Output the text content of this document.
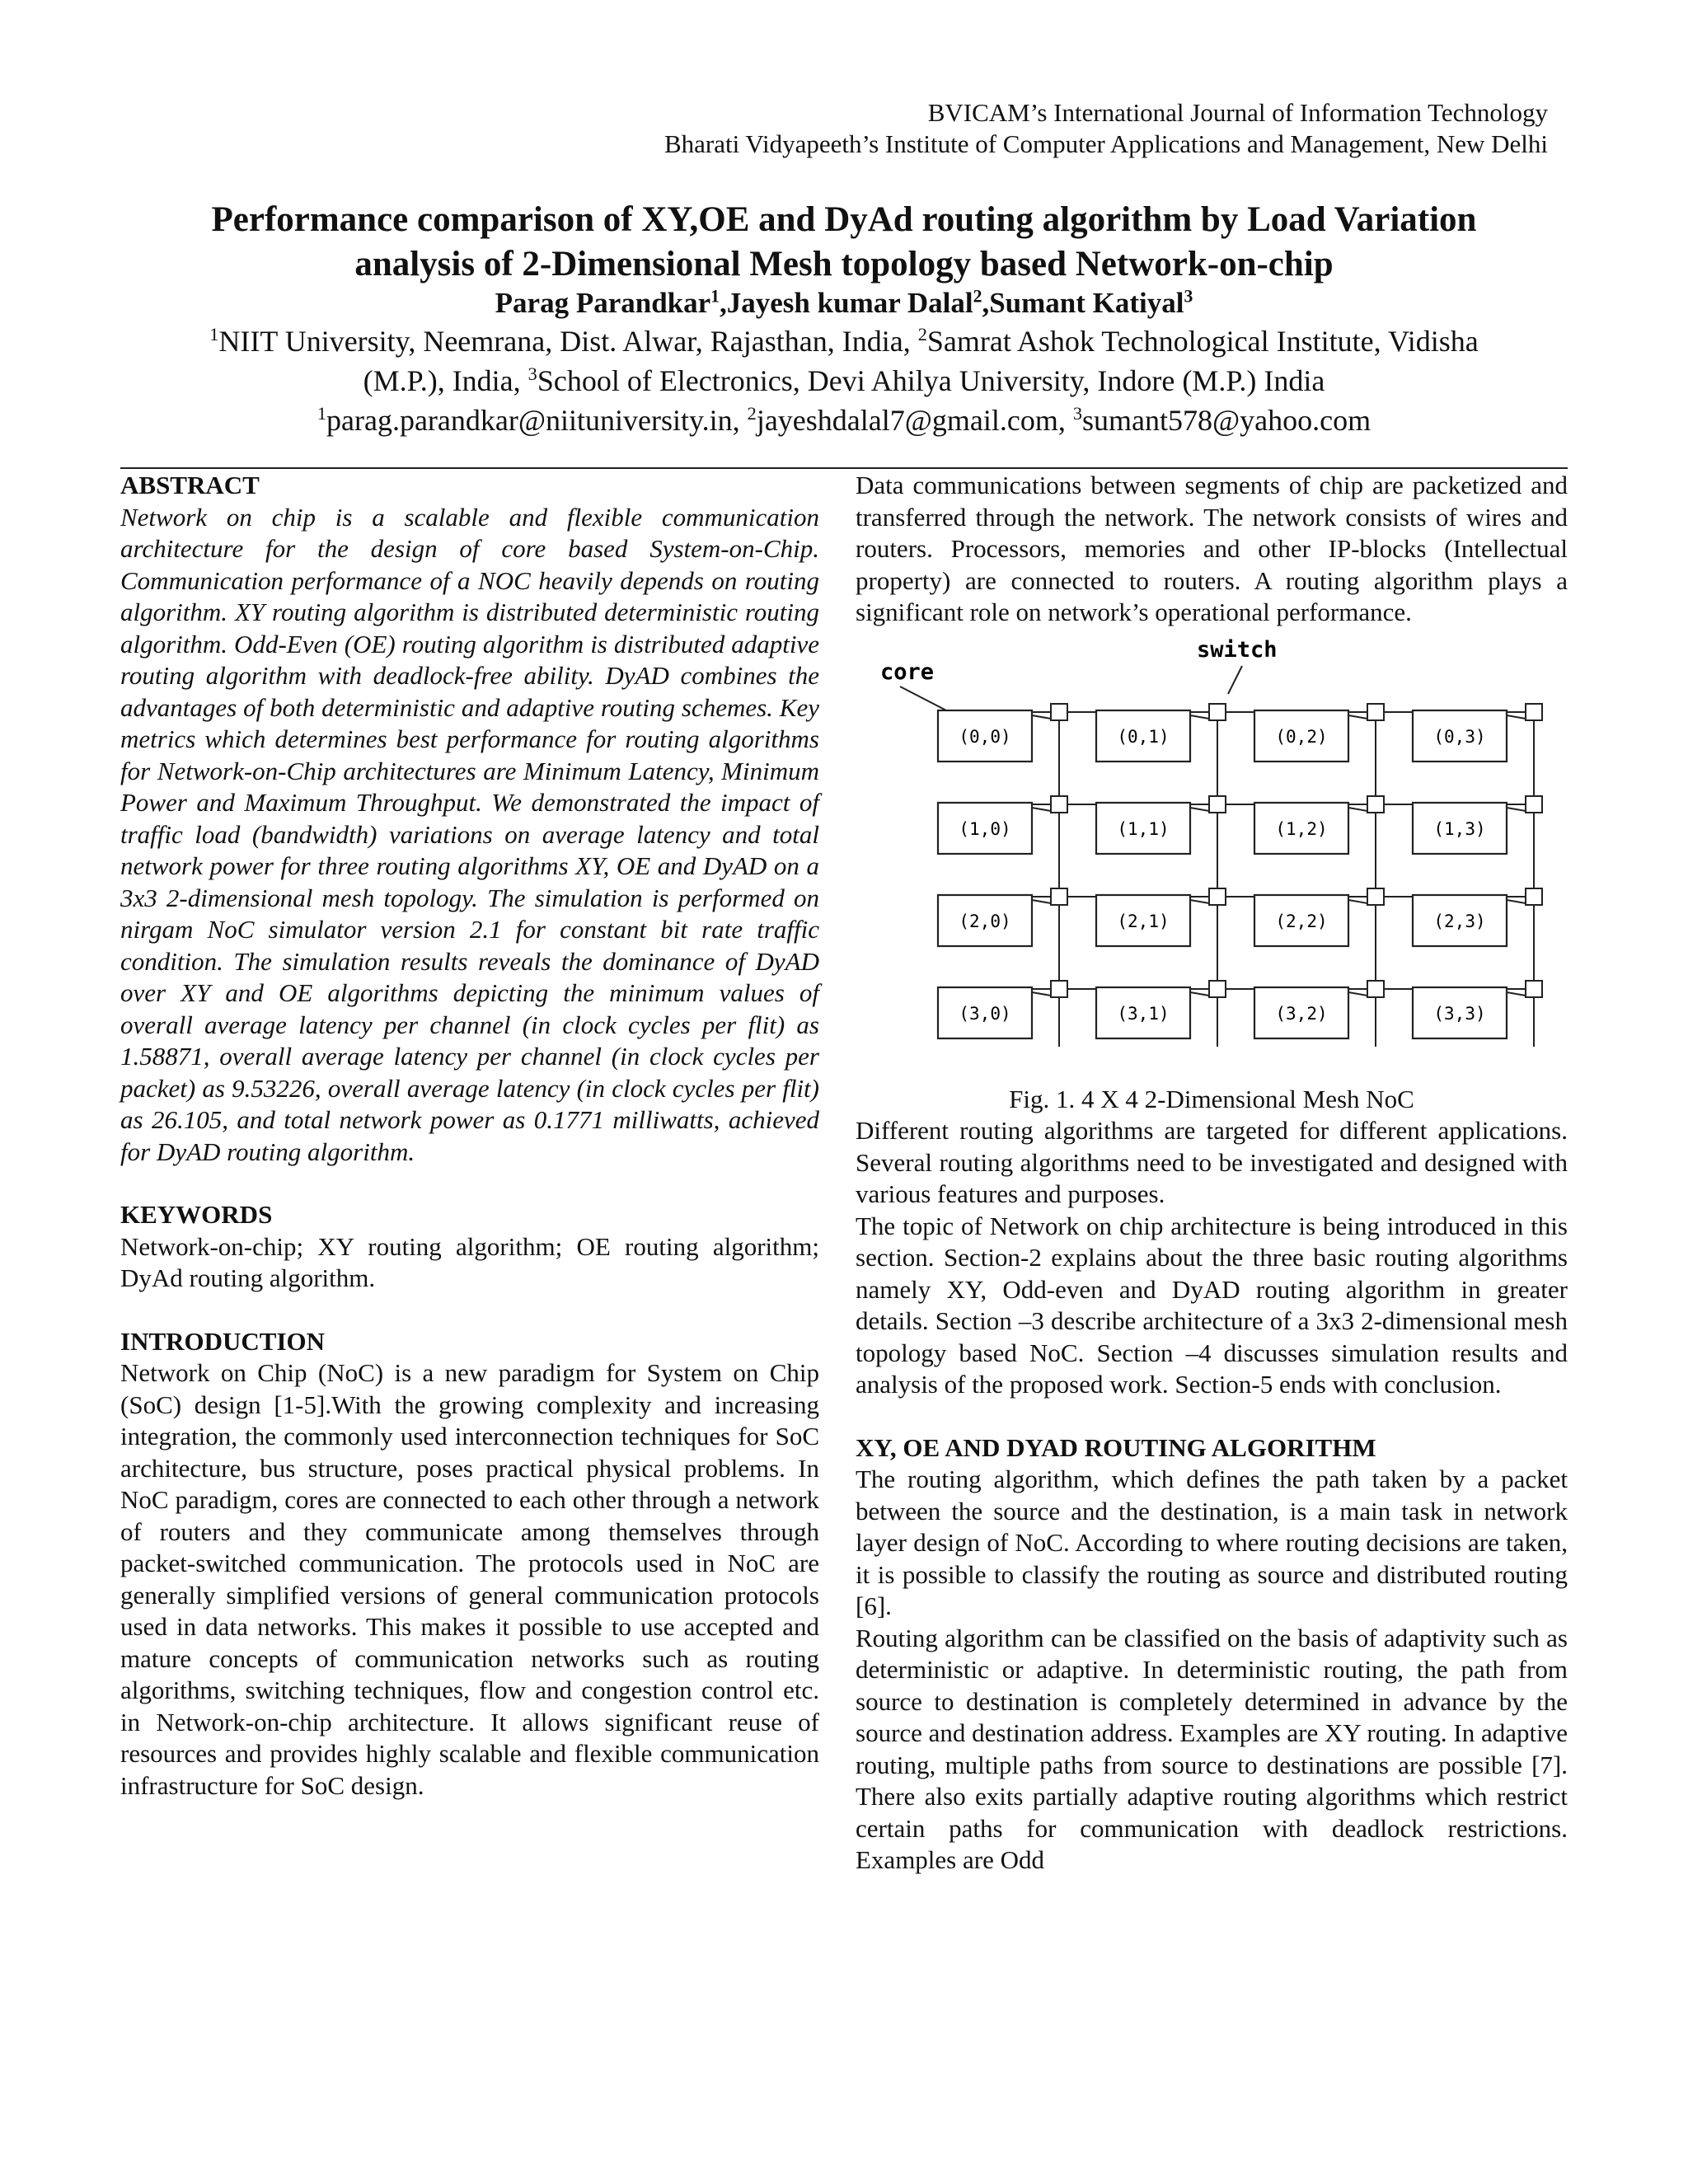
BVICAM’s International Journal of Information Technology
Bharati Vidyapeeth’s Institute of Computer Applications and Management, New Delhi
Performance comparison of XY,OE and DyAd routing algorithm by Load Variation
analysis of 2-Dimensional Mesh topology based Network-on-chip
Parag Parandkar$^1$,Jayesh kumar Dalal$^2$,Sumant Katiyal$^3$
$^1$NIIT University, Neemrana, Dist. Alwar, Rajasthan, India, $^2$Samrat Ashok Technological Institute, Vidisha
(M.P.), India, $^3$School of Electronics, Devi Ahilya University, Indore (M.P.) India
$^1$parag.parandkar@niituniversity.in, $^2$jayeshdalal7@gmail.com, $^3$sumant578@yahoo.com
ABSTRACT

Network on chip is a scalable and flexible communication architecture for the design of core based System-on-Chip. Communication performance of a NOC heavily depends on routing algorithm. XY routing algorithm is distributed deterministic routing algorithm. Odd-Even (OE) routing algorithm is distributed adaptive routing algorithm with deadlock-free ability. DyAD combines the advantages of both deterministic and adaptive routing schemes. Key metrics which determines best performance for routing algorithms for Network-on-Chip architectures are Minimum Latency, Minimum Power and Maximum Throughput. We demonstrated the impact of traffic load (bandwidth) variations on average latency and total network power for three routing algorithms XY, OE and DyAD on a 3x3 2-dimensional mesh topology. The simulation is performed on nirgam NoC simulator version 2.1 for constant bit rate traffic condition. The simulation results reveals the dominance of DyAD over XY and OE algorithms depicting the minimum values of overall average latency per channel (in clock cycles per flit) as 1.58871, overall average latency per channel (in clock cycles per packet) as 9.53226, overall average latency (in clock cycles per flit) as 26.105, and total network power as 0.1771 milliwatts, achieved for DyAD routing algorithm.

KEYWORDS

Network-on-chip; XY routing algorithm; OE routing algorithm; DyAd routing algorithm.

INTRODUCTION

Network on Chip (NoC) is a new paradigm for System on Chip (SoC) design [1-5].With the growing complexity and increasing integration, the commonly used interconnection techniques for SoC architecture, bus structure, poses practical physical problems. In NoC paradigm, cores are connected to each other through a network of routers and they communicate among themselves through packet-switched communication. The protocols used in NoC are generally simplified versions of general communication protocols used in data networks. This makes it possible to use accepted and mature concepts of communication networks such as routing algorithms, switching techniques, flow and congestion control etc. in Network-on-chip architecture. It allows significant reuse of resources and provides highly scalable and flexible communication infrastructure for SoC design.

Data communications between segments of chip are packetized and transferred through the network. The network consists of wires and routers. Processors, memories and other IP-blocks (Intellectual property) are connected to routers. A routing algorithm plays a significant role on network’s operational performance.

core
switch
(0,0)	(0,1)	(0,2)	(0,3)
(1,0)	(1,1)	(1,2)	(1,3)
(2,0)	(2,1)	(2,2)	(2,3)
(3,0)	(3,1)	(3,2)	(3,3)

Fig. 1. 4 X 4 2-Dimensional Mesh NoC

Different routing algorithms are targeted for different applications. Several routing algorithms need to be investigated and designed with various features and purposes.

The topic of Network on chip architecture is being introduced in this section. Section-2 explains about the three basic routing algorithms namely XY, Odd-even and DyAD routing algorithm in greater details. Section –3 describe architecture of a 3x3 2-dimensional mesh topology based NoC. Section –4 discusses simulation results and analysis of the proposed work. Section-5 ends with conclusion.

XY, OE AND DYAD ROUTING ALGORITHM

The routing algorithm, which defines the path taken by a packet between the source and the destination, is a main task in network layer design of NoC. According to where routing decisions are taken, it is possible to classify the routing as source and distributed routing [6].

Routing algorithm can be classified on the basis of adaptivity such as deterministic or adaptive. In deterministic routing, the path from source to destination is completely determined in advance by the source and destination address. Examples are XY routing. In adaptive routing, multiple paths from source to destinations are possible [7]. There also exits partially adaptive routing algorithms which restrict certain paths for communication with deadlock restrictions. Examples are Odd
